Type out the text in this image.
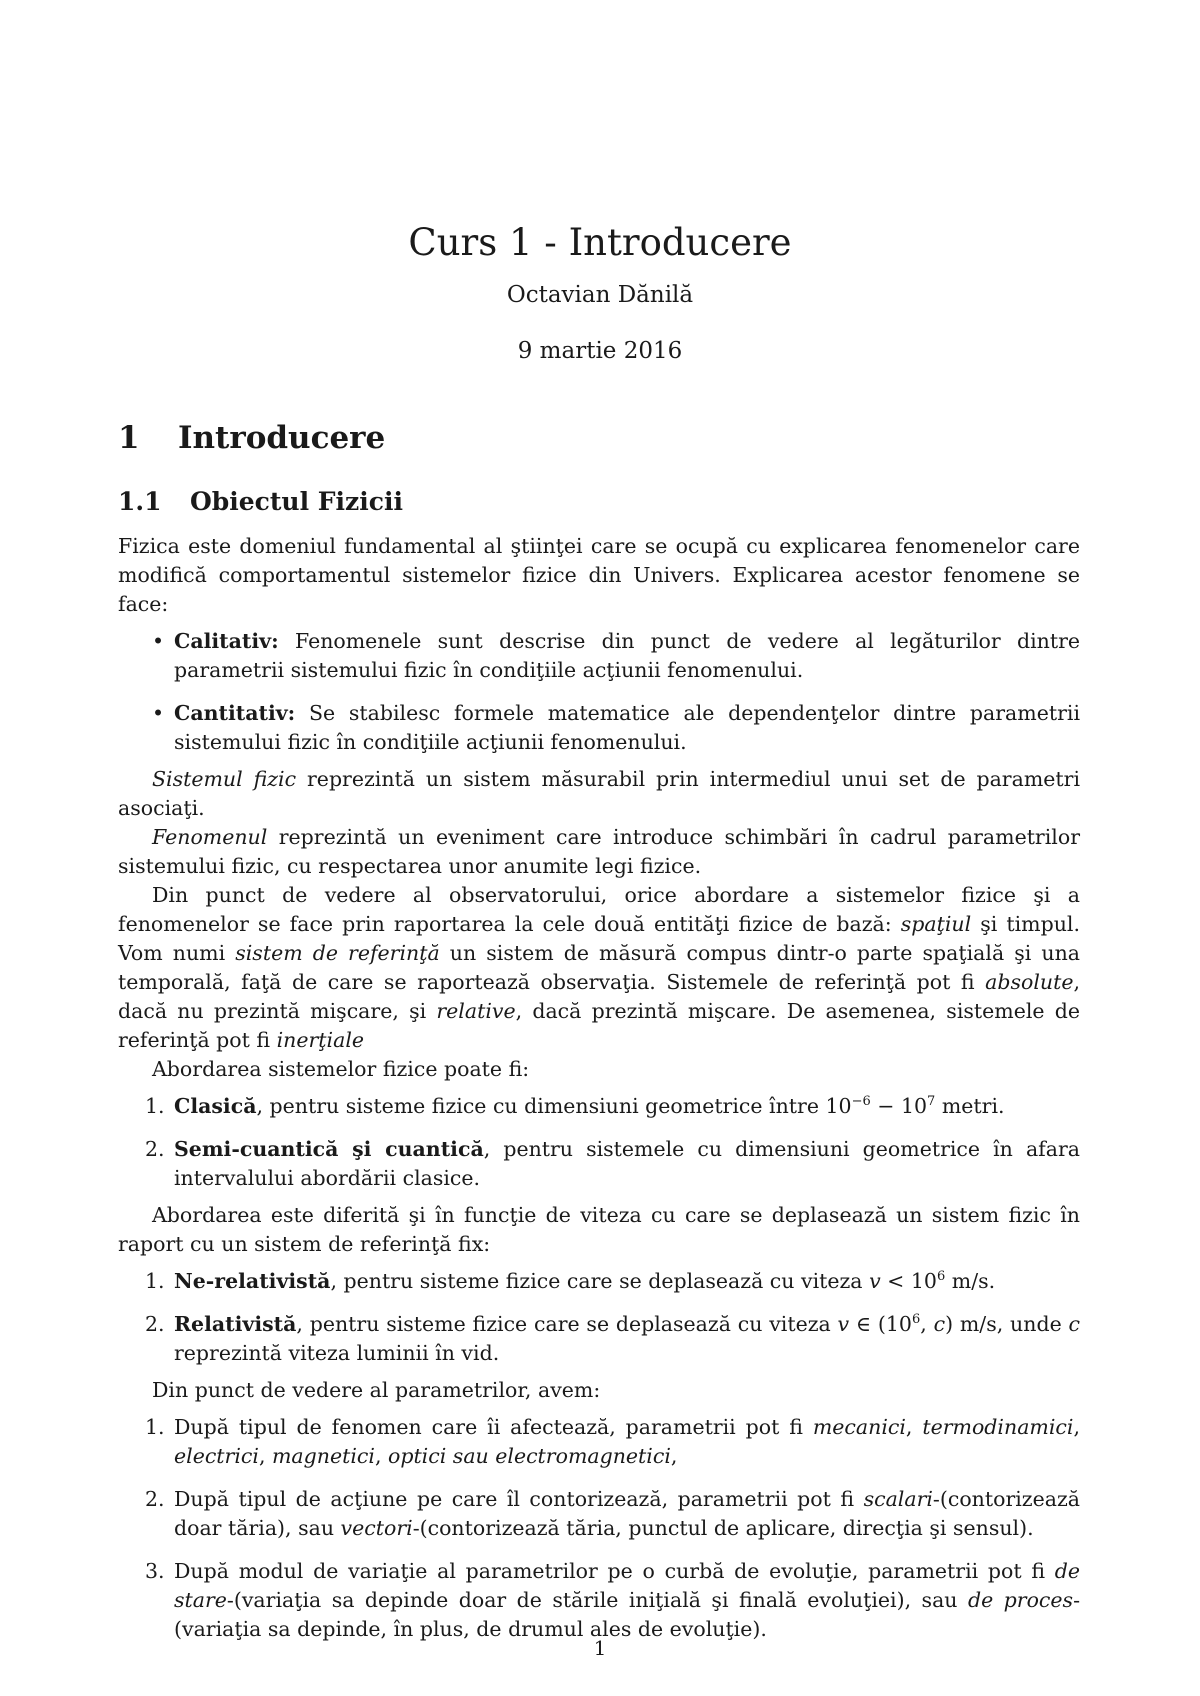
Curs 1 - Introducere
Octavian Dănilă
9 martie 2016
1 Introducere
1.1 Obiectul Fizicii

Fizica este domeniul fundamental al ştiinţei care se ocupă cu explicarea fenomenelor care modifică comportamentul sistemelor fizice din Univers. Explicarea acestor fenomene se face:

• Calitativ: Fenomenele sunt descrise din punct de vedere al legăturilor dintre parametrii sistemului fizic în condiţiile acţiunii fenomenului.
• Cantitativ: Se stabilesc formele matematice ale dependenţelor dintre parametrii sistemului fizic în condiţiile acţiunii fenomenului.

Sistemul fizic reprezintă un sistem măsurabil prin intermediul unui set de parametri asociaţi.

Fenomenul reprezintă un eveniment care introduce schimbări în cadrul parametrilor sistemului fizic, cu respectarea unor anumite legi fizice.

Din punct de vedere al observatorului, orice abordare a sistemelor fizice şi a fenomenelor se face prin raportarea la cele două entităţi fizice de bază: spaţiul şi timpul. Vom numi sistem de referinţă un sistem de măsură compus dintr-o parte spaţială şi una temporală, faţă de care se raportează observaţia. Sistemele de referinţă pot fi absolute, dacă nu prezintă mişcare, şi relative, dacă prezintă mişcare. De asemenea, sistemele de referinţă pot fi inerţiale

Abordarea sistemelor fizice poate fi:

1. Clasică, pentru sisteme fizice cu dimensiuni geometrice între $10^{-6} - 10^7$ metri.
2. Semi-cuantică şi cuantică, pentru sistemele cu dimensiuni geometrice în afara intervalului abordării clasice.

Abordarea este diferită şi în funcţie de viteza cu care se deplasează un sistem fizic în raport cu un sistem de referinţă fix:

1. Ne-relativistă, pentru sisteme fizice care se deplasează cu viteza $v < 10^6$ m/s.
2. Relativistă, pentru sisteme fizice care se deplasează cu viteza v ∈ ($10^6$, c) m/s, unde c reprezintă viteza luminii în vid.

Din punct de vedere al parametrilor, avem:

1. După tipul de fenomen care îi afectează, parametrii pot fi mecanici, termodinamici, electrici, magnetici, optici sau electromagnetici,
2. După tipul de acţiune pe care îl contorizează, parametrii pot fi scalari-(contorizează doar tăria), sau vectori-(contorizează tăria, punctul de aplicare, direcţia şi sensul).
3. După modul de variaţie al parametrilor pe o curbă de evoluţie, parametrii pot fi de stare-(variaţia sa depinde doar de stările iniţială şi finală evoluţiei), sau de proces-(variaţia sa depinde, în plus, de drumul ales de evoluţie).
1
